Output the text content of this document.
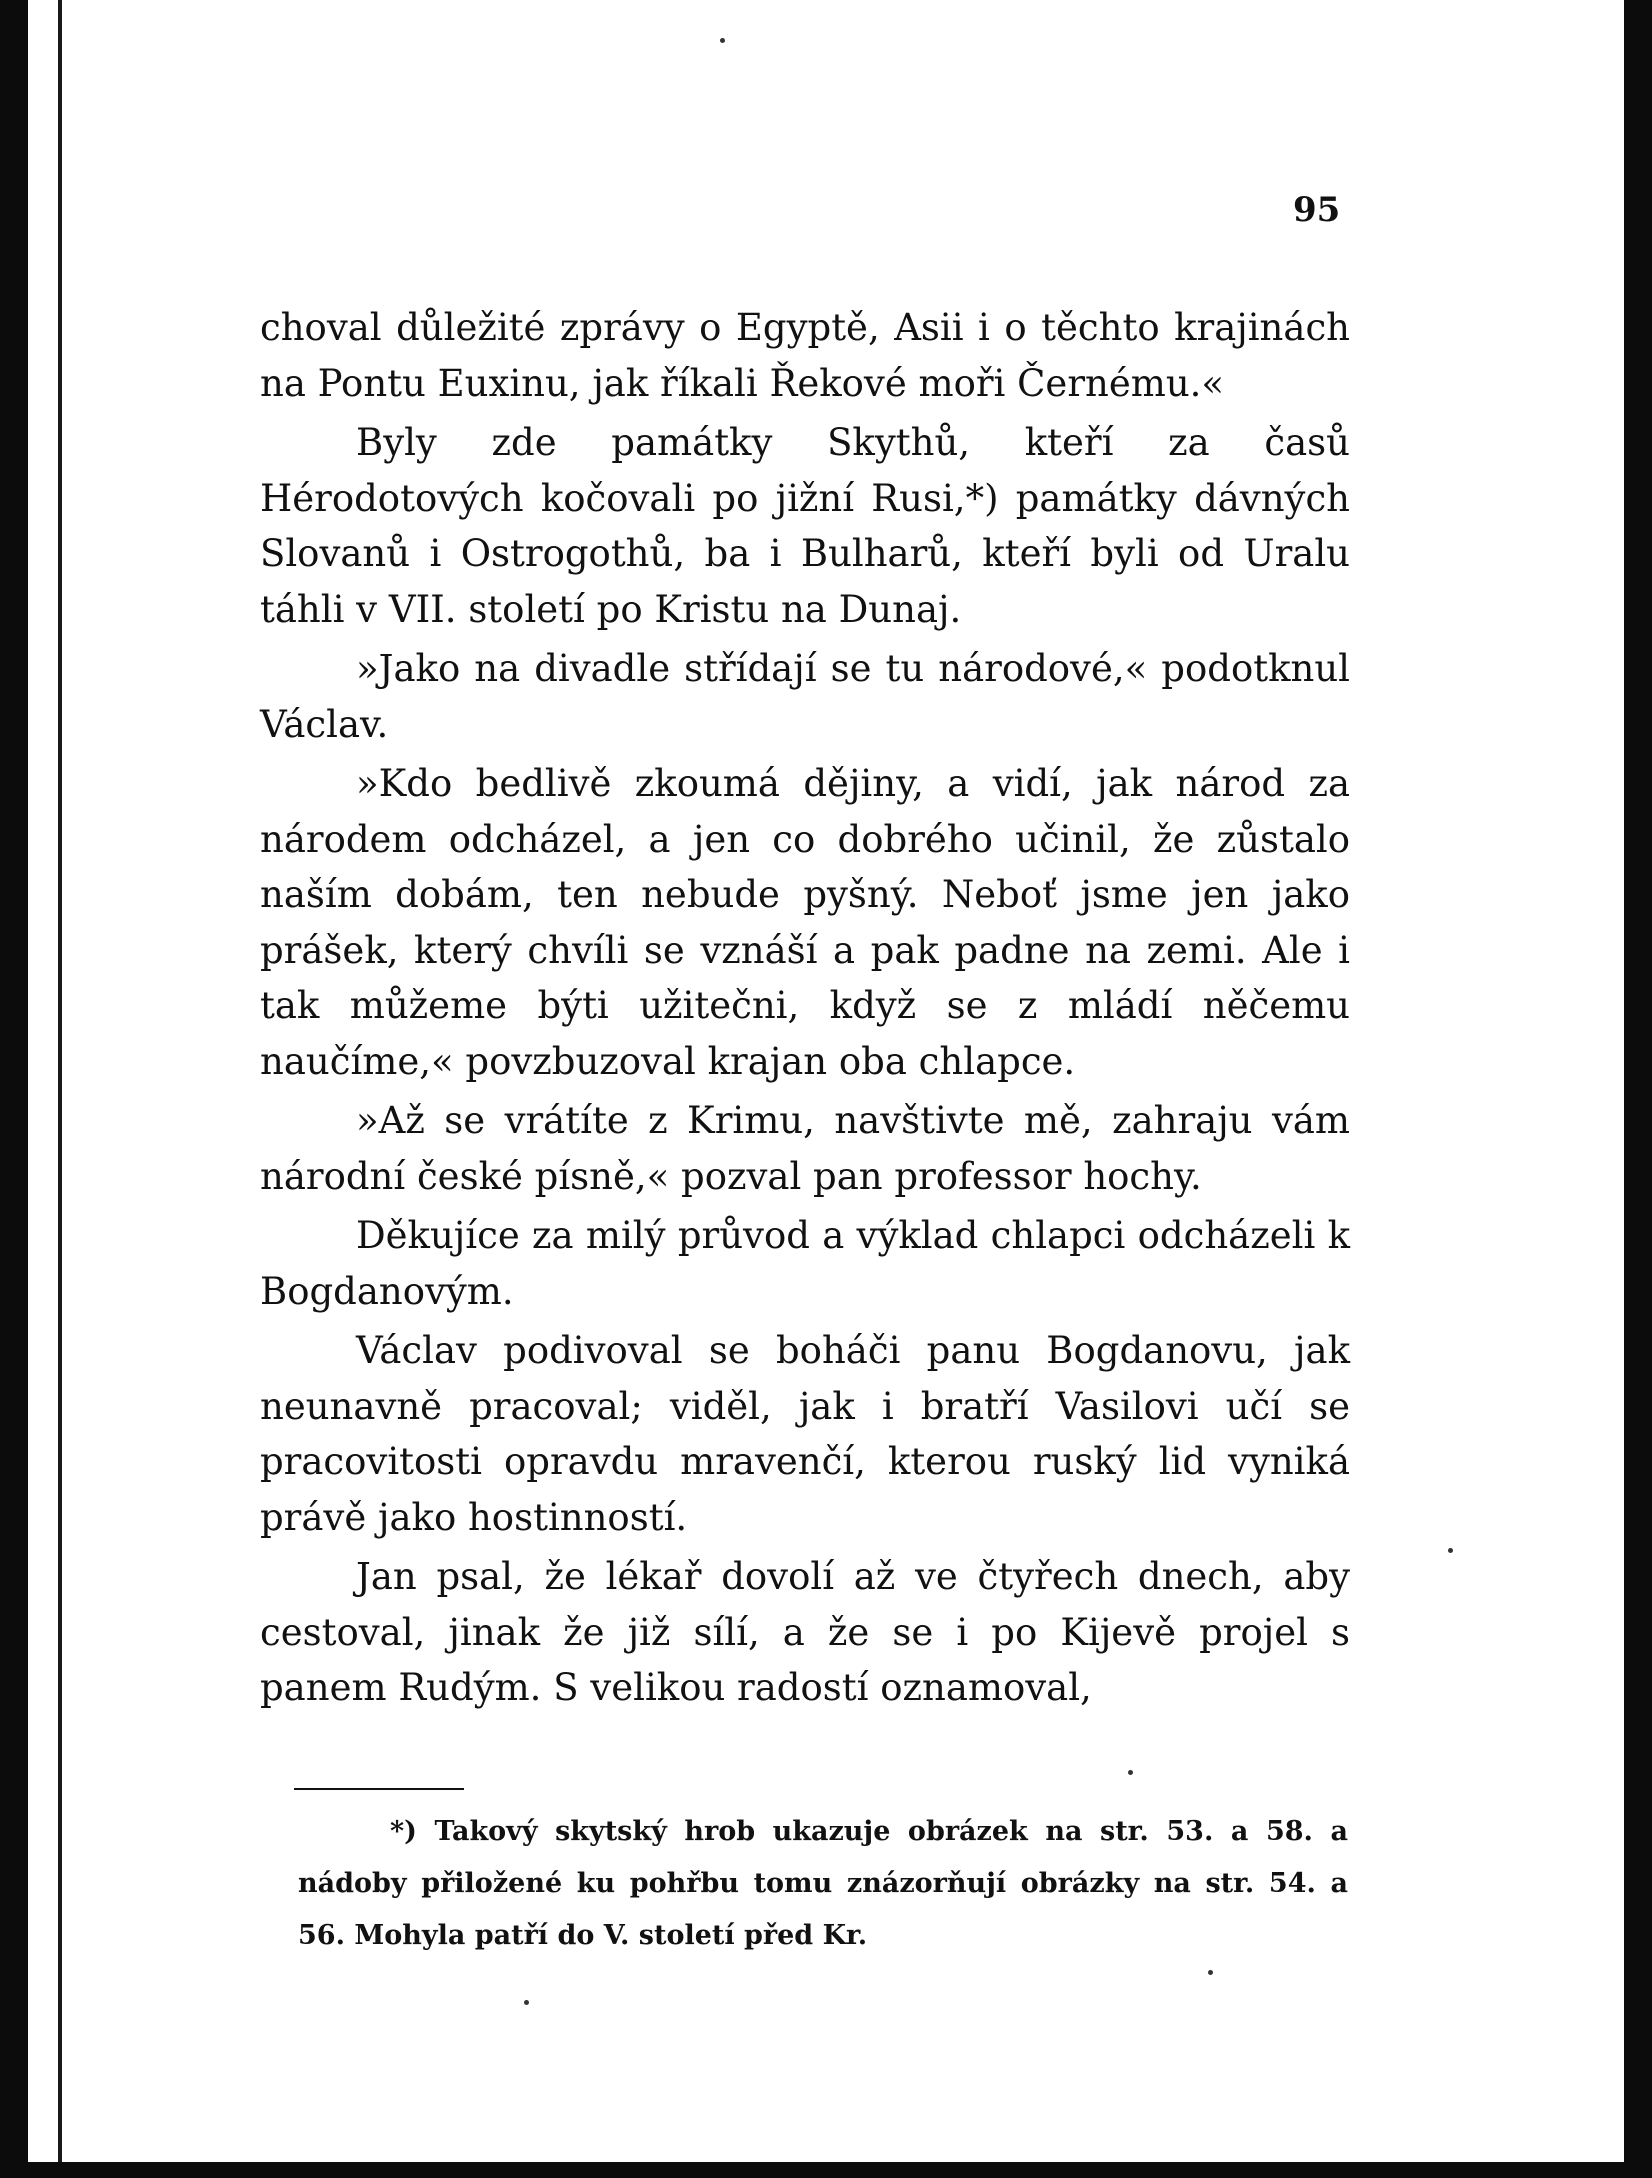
95

choval důležité zprávy o Egyptě, Asii i o těchto krajinách na Pontu Euxinu, jak říkali Řekové moři Černému.«

Byly zde památky Skythů, kteří za časů Hérodotových kočovali po jižní Rusi,*) památky dávných Slovanů i Ostrogothů, ba i Bulharů, kteří byli od Uralu táhli v VII. století po Kristu na Dunaj.

»Jako na divadle střídají se tu národové,« podotknul Václav.

»Kdo bedlivě zkoumá dějiny, a vidí, jak národ za národem odcházel, a jen co dobrého učinil, že zůstalo naším dobám, ten nebude pyšný. Neboť jsme jen jako prášek, který chvíli se vznáší a pak padne na zemi. Ale i tak můžeme býti užitečni, když se z mládí něčemu naučíme,« povzbuzoval krajan oba chlapce.

»Až se vrátíte z Krimu, navštivte mě, zahraju vám národní české písně,« pozval pan professor hochy.

Děkujíce za milý průvod a výklad chlapci odcházeli k Bogdanovým.

Václav podivoval se boháči panu Bogdanovu, jak neunavně pracoval; viděl, jak i bratří Vasilovi učí se pracovitosti opravdu mravenčí, kterou ruský lid vyniká právě jako hostinností.

Jan psal, že lékař dovolí až ve čtyřech dnech, aby cestoval, jinak že již sílí, a že se i po Kijevě projel s panem Rudým. S velikou radostí oznamoval,

*) Takový skytský hrob ukazuje obrázek na str. 53. a 58. a nádoby přiložené ku pohřbu tomu znázorňují obrázky na str. 54. a 56. Mohyla patří do V. století před Kr.
